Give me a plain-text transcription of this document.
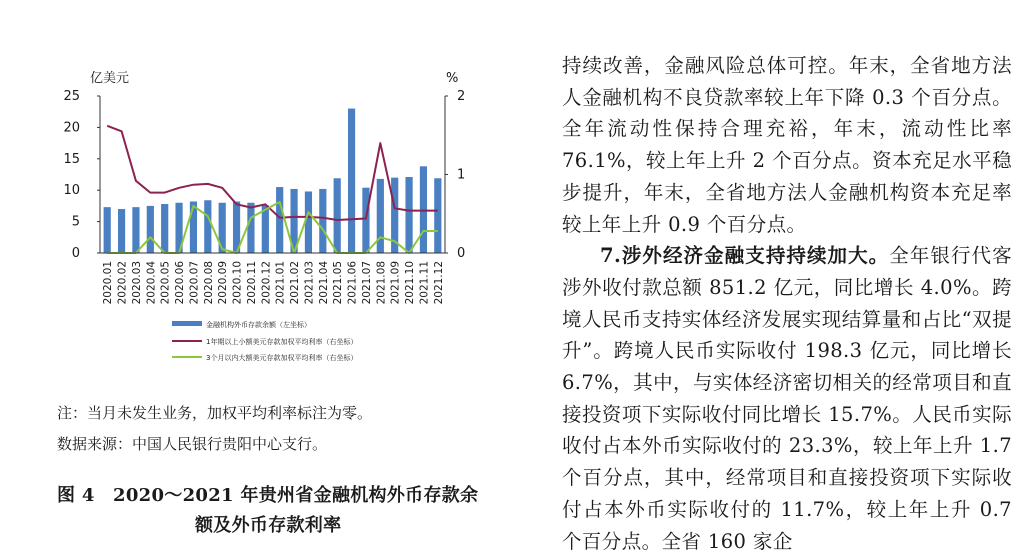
亿美元	%
0
5
10
15
20
25
0
1
2
2020.01 2020.02 2020.03 2020.04 2020.05 2020.06 2020.07 2020.08 2020.09 2020.10 2020.11 2020.12 2021.01 2021.02 2021.03 2021.04 2021.05 2021.06 2021.07 2021.08 2021.09 2021.10 2021.11 2021.12
金融机构外币存款余额（左坐标）
1年期以上小额美元存款加权平均利率（右坐标）
3个月以内大额美元存款加权平均利率（右坐标）
注：当月未发生业务，加权平均利率标注为零。
数据来源：中国人民银行贵阳中心支行。
图 4　2020～2021 年贵州省金融机构外币存款余
额及外币存款利率

持续改善，金融风险总体可控。年末，全省地方法人金融机构不良贷款率较上年下降 0.3 个百分点。全年流动性保持合理充裕，年末，流动性比率 76.1%，较上年上升 2 个百分点。资本充足水平稳步提升，年末，全省地方法人金融机构资本充足率较上年上升 0.9 个百分点。

7.涉外经济金融支持持续加大。全年银行代客涉外收付款总额 851.2 亿元，同比增长 4.0%。跨境人民币支持实体经济发展实现结算量和占比“双提升”。跨境人民币实际收付 198.3 亿元，同比增长 6.7%，其中，与实体经济密切相关的经常项目和直接投资项下实际收付同比增长 15.7%。人民币实际收付占本外币实际收付的 23.3%，较上年上升 1.7 个百分点，其中，经常项目和直接投资项下实际收付占本外币实际收付的 11.7%，较上年上升 0.7 个百分点。全省 160 家企
